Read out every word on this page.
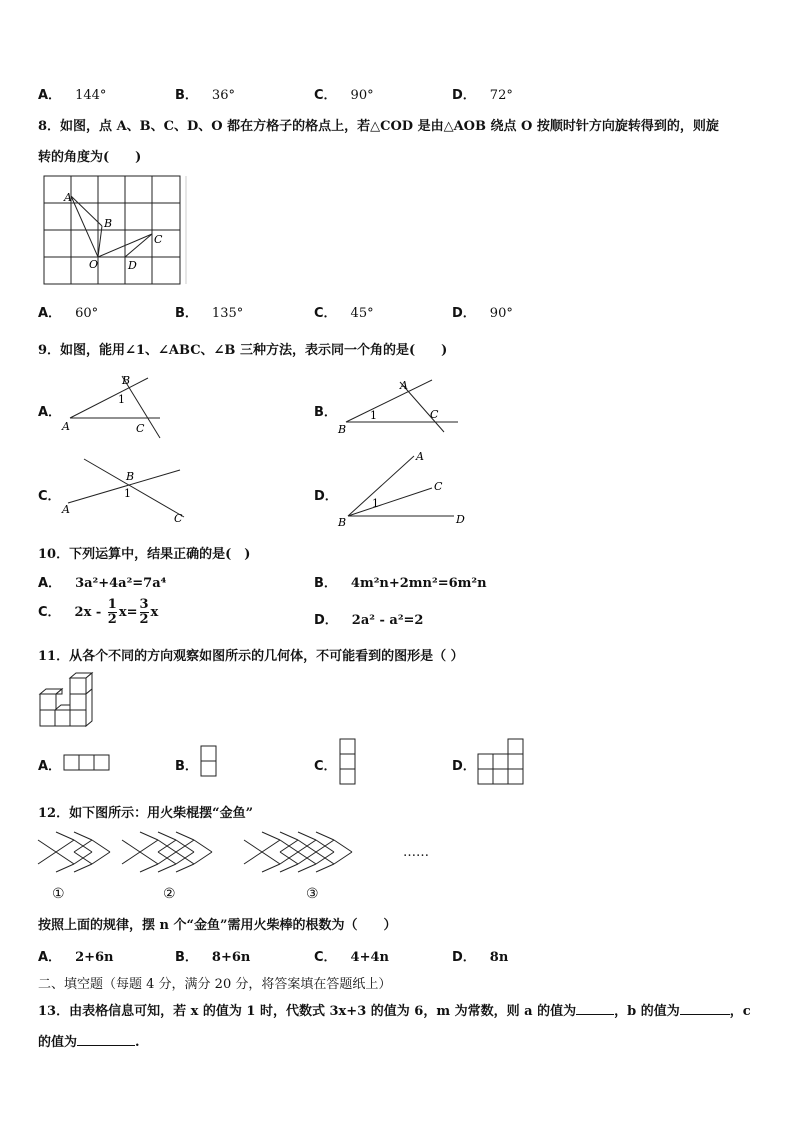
A． 144°	B． 36°	C． 90°	D． 72°
8．如图，点 A、B、C、D、O 都在方格子的格点上，若△COD 是由△AOB 绕点 O 按顺时针方向旋转得到的，则旋
转的角度为(　　)
A
B
C
D
O
A． 60°	B． 135°	C． 45°	D． 90°
9．如图，能用∠1、∠ABC、∠B 三种方法，表示同一个角的是(　　)
A．
B
1
A	C
B．
A
1
B
C
C．
B
1
A
C
D．
A
C
1
B	D
10．下列运算中，结果正确的是(　)
A． 3a²+4a²=7a⁴	B． 4m²n+2mn²=6m²n
C． $2x - \frac{1}{2} x= \frac{3}{2}$ x
D． 2a² - a²=2
11．从各个不同的方向观察如图所示的几何体，不可能看到的图形是（ ）
A．	B．	C．	D．
12．如下图所示：用火柴棍摆“金鱼”
……
①	②	③
按照上面的规律，摆 n 个“金鱼”需用火柴棒的根数为（　　）
A． 2+6n	B． 8+6n	C． 4+4n	D． 8n
二、填空题（每题 4 分，满分 20 分，将答案填在答题纸上）
13．由表格信息可知，若 x 的值为 1 时，代数式 3x+3 的值为 6，m 为常数，则 a 的值为	，b 的值为	，c
的值为	.
